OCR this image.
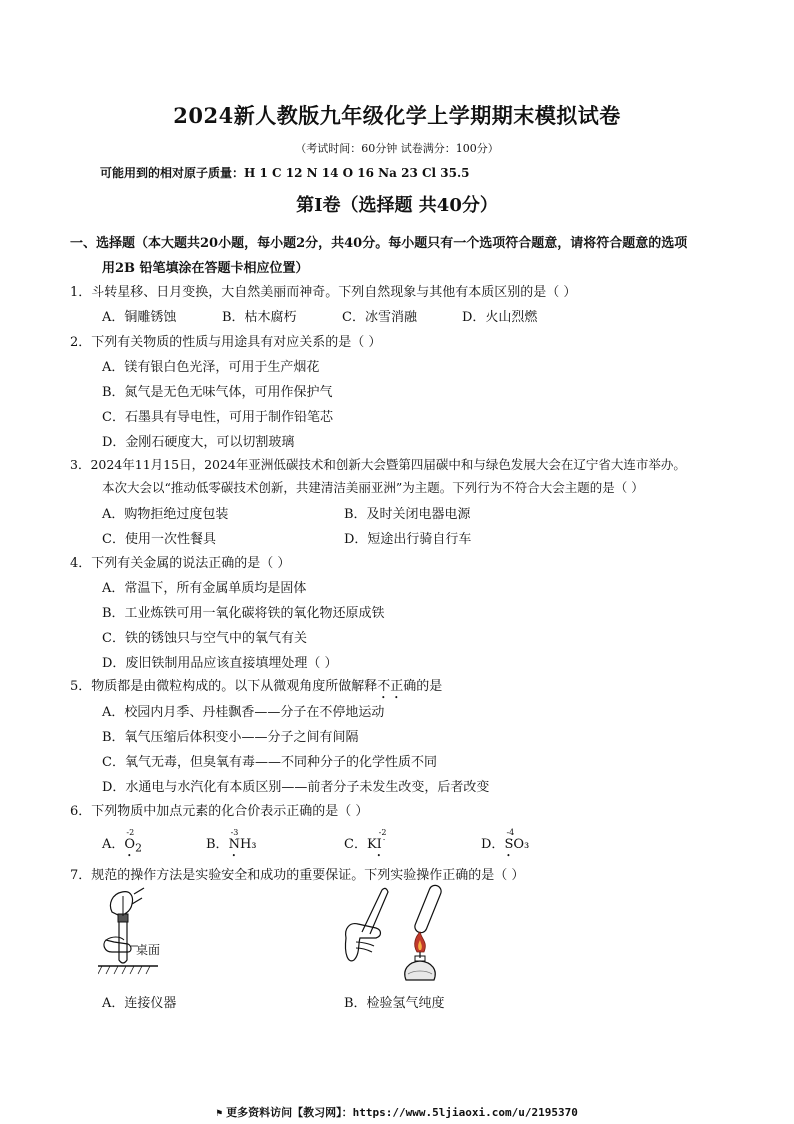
2024新人教版九年级化学上学期期末模拟试卷
（考试时间：60分钟 试卷满分：100分）
可能用到的相对原子质量：H 1 C 12 N 14 O 16 Na 23 Cl 35.5
第Ⅰ卷（选择题 共40分）
一、选择题（本大题共20小题，每小题2分，共40分。每小题只有一个选项符合题意，请将符合题意的选项
用2B 铅笔填涂在答题卡相应位置）
1．斗转星移、日月变换，大自然美丽而神奇。下列自然现象与其他有本质区别的是（ ）
A．铜雕锈蚀	B．枯木腐朽	C．冰雪消融	D．火山烈燃
2．下列有关物质的性质与用途具有对应关系的是（ ）
A．镁有银白色光泽，可用于生产烟花
B．氮气是无色无味气体，可用作保护气
C．石墨具有导电性，可用于制作铅笔芯
D．金刚石硬度大，可以切割玻璃
3．2024年11月15日，2024年亚洲低碳技术和创新大会暨第四届碳中和与绿色发展大会在辽宁省大连市举办。
本次大会以“推动低零碳技术创新，共建清洁美丽亚洲”为主题。下列行为不符合大会主题的是（ ）
A．购物拒绝过度包装	B．及时关闭电器电源
C．使用一次性餐具	D．短途出行骑自行车
4．下列有关金属的说法正确的是（ ）
A．常温下，所有金属单质均是固体
B．工业炼铁可用一氧化碳将铁的氧化物还原成铁
C．铁的锈蚀只与空气中的氧气有关
D．废旧铁制用品应该直接填埋处理（ ）
5．物质都是由微粒构成的。以下从微观角度所做解释不正确的是
A．校园内月季、丹桂飘香——分子在不停地运动
B．氧气压缩后体积变小——分子之间有间隔
C．氧气无毒，但臭氧有毒——不同种分子的化学性质不同
D．水通电与水汽化有本质区别——前者分子未发生改变，后者改变
6．下列物质中加点元素的化合价表示正确的是（ ）
A．
-2
$O_2$	B．
-3
NH₃	C．K
-2
I	D．
-4
SO₃
7．规范的操作方法是实验安全和成功的重要保证。下列实验操作正确的是（ ）
桌面
A．连接仪器	B．检验氢气纯度
⚑ 更多资料访问【教习网】：https://www.5ljiaoxi.com/u/2195370
